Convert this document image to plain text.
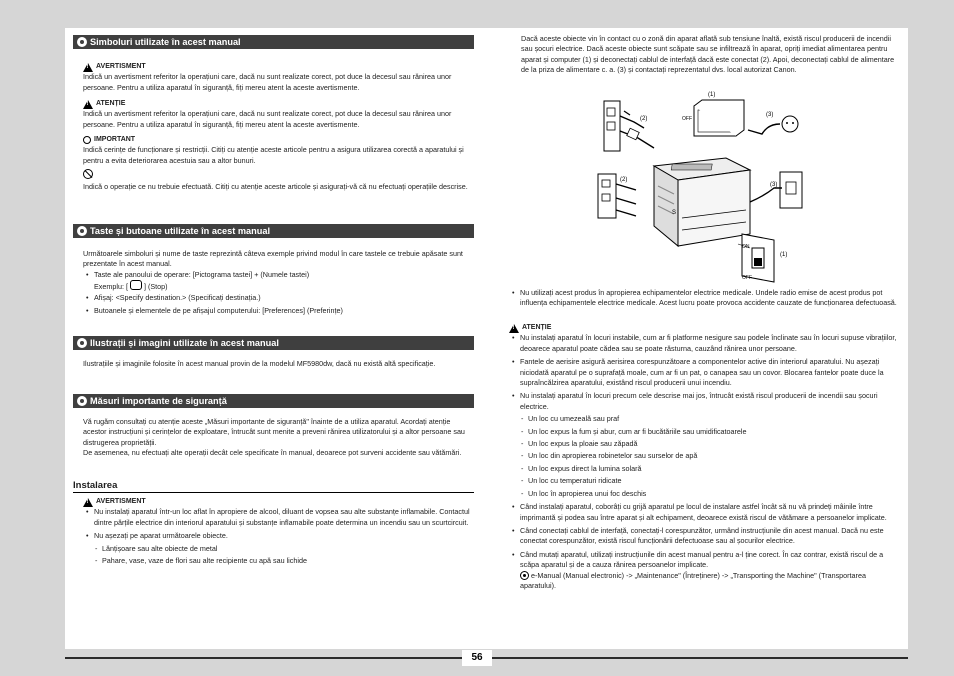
56
Simboluri utilizate în acest manual
!
AVERTISMENT

Indică un avertisment referitor la operațiuni care, dacă nu sunt realizate corect, pot duce la decesul sau rănirea unor persoane. Pentru a utiliza aparatul în siguranță, fiți mereu atent la aceste avertismente.

!
ATENȚIE

Indică un avertisment referitor la operațiuni care, dacă nu sunt realizate corect, pot duce la decesul sau rănirea unor persoane. Pentru a utiliza aparatul în siguranță, fiți mereu atent la aceste avertismente.

IMPORTANT

Indică cerințe de funcționare și restricții. Citiți cu atenție aceste articole pentru a asigura utilizarea corectă a aparatului și pentru a evita deteriorarea acestuia sau a altor bunuri.

Indică o operație ce nu trebuie efectuată. Citiți cu atenție aceste articole și asigurați-vă că nu efectuați operațiile descrise.

Taste și butoane utilizate în acest manual

Următoarele simboluri și nume de taste reprezintă câteva exemple privind modul în care tastele ce trebuie apăsate sunt prezentate în acest manual.

• Taste ale panoului de operare: [Pictograma tastei] + (Numele tastei)
Exemplu: [ ] (Stop)
• Afișaj: <Specify destination.> (Specificați destinația.)
• Butoanele și elementele de pe afișajul computerului: [Preferences] (Preferințe)
Ilustrații și imagini utilizate în acest manual
Ilustrațiile și imaginile folosite în acest manual provin de la modelul MF5980dw, dacă nu există altă specificație.
Măsuri importante de siguranță

Vă rugăm consultați cu atenție aceste „Măsuri importante de siguranță" înainte de a utiliza aparatul. Acordați atenție acestor instrucțiuni și cerințelor de exploatare, întrucât sunt menite a preveni rănirea utilizatorului și a altor persoane sau distrugerea proprietății.

De asemenea, nu efectuați alte operații decât cele specificate în manual, deoarece pot surveni accidente sau vătămări.

Instalarea
!
AVERTISMENT
• Nu instalați aparatul într-un loc aflat în apropiere de alcool, diluant de vopsea sau alte substanțe inflamabile. Contactul dintre părțile electrice din interiorul aparatului și substanțe inflamabile poate determina un incendiu sau un scurtcircuit.
• Nu așezați pe aparat următoarele obiecte.
- Lănțișoare sau alte obiecte de metal
- Pahare, vase, vaze de flori sau alte recipiente cu apă sau lichide

Dacă aceste obiecte vin în contact cu o zonă din aparat aflată sub tensiune înaltă, există riscul producerii de incendii sau șocuri electrice. Dacă aceste obiecte sunt scăpate sau se infiltrează în aparat, opriți imediat alimentarea pentru aparat și computer (1) și deconectați cablul de interfață dacă este conectat (2). Apoi, deconectați cablul de alimentare de la priza de alimentare c. a. (3) și contactați reprezentatul dvs. local autorizat Canon.

OFF
(1)
(2)
(3)
S
(2)
(3)
ON
OFF
(1)
• Nu utilizați acest produs în apropierea echipamentelor electrice medicale. Undele radio emise de acest produs pot influența echipamentele electrice medicale. Acest lucru poate provoca accidente cauzate de funcționarea defectuoasă.
!
ATENȚIE
• Nu instalați aparatul în locuri instabile, cum ar fi platforme nesigure sau podele înclinate sau în locuri supuse vibrațiilor, deoarece aparatul poate cădea sau se poate răsturna, cauzând rănirea unor persoane.
• Fantele de aerisire asigură aerisirea corespunzătoare a componentelor active din interiorul aparatului. Nu așezați niciodată aparatul pe o suprafață moale, cum ar fi un pat, o canapea sau un covor. Blocarea fantelor poate duce la supraîncălzirea aparatului, existând riscul producerii unui incendiu.
• Nu instalați aparatul în locuri precum cele descrise mai jos, întrucât există riscul producerii de incendii sau șocuri electrice.
- Un loc cu umezeală sau praf
- Un loc expus la fum și abur, cum ar fi bucătăriile sau umidificatoarele
- Un loc expus la ploaie sau zăpadă
- Un loc din apropierea robinetelor sau surselor de apă
- Un loc expus direct la lumina solară
- Un loc cu temperaturi ridicate
- Un loc în apropierea unui foc deschis
• Când instalați aparatul, coborâți cu grijă aparatul pe locul de instalare astfel încât să nu vă prindeți mâinile între imprimantă și podea sau între aparat și alt echipament, deoarece există riscul de vătămare a persoanelor implicate.
• Când conectați cablul de interfață, conectați-l corespunzător, urmând instrucțiunile din acest manual. Dacă nu este conectat corespunzător, există riscul funcționării defectuoase sau al șocurilor electrice.
• Când mutați aparatul, utilizați instrucțiunile din acest manual pentru a-l ține corect. În caz contrar, există riscul de a scăpa aparatul și de a cauza rănirea persoanelor implicate.
e-Manual (Manual electronic) -> „Maintenance" (Întreținere) -> „Transporting the Machine" (Transportarea aparatului).
